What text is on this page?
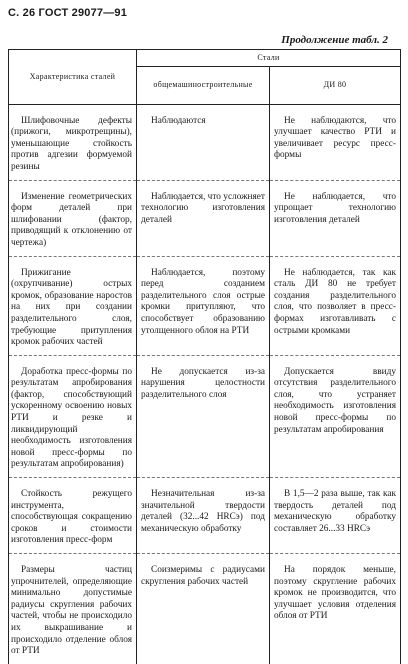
С. 26 ГОСТ 29077—91
Продолжение табл. 2
Характеристика сталей	Стали	
	общемашиностроительные	ДИ 80

Шлифовочные дефекты (прижоги, микротрещины), уменьшающие стойкость против адгезии формуемой резины	Наблюдаются	Не наблюдаются, что улучшает качество РТИ и увеличивает ресурс пресс-формы

Изменение геометрических форм деталей при шлифовании (фактор, приводящий к отклонению от чертежа)	Наблюдается, что усложняет технологию изготовления деталей	Не наблюдается, что упрощает технологию изготовления деталей

Прижигание (охрупчивание) острых кромок, образование наростов на них при создании разделительного слоя, требующие притупления кромок рабочих частей	Наблюдается, поэтому перед созданием разделительного слоя острые кромки притупляют, что способствует образованию утолщенного облоя на РТИ	Не наблюдается, так как сталь ДИ 80 не требует создания разделительного слоя, что позволяет в пресс-формах изготавливать с острыми кромками

Доработка пресс-формы по результатам апробирования (фактор, способствующий ускоренному освоению новых РТИ и резке и ликвидирующий необходимость изготовления новой пресс-формы по результатам апробирования)	Не допускается из-за нарушения целостности разделительного слоя	Допускается ввиду отсутствия разделительного слоя, что устраняет необходимость изготовления новой пресс-формы по результатам апробирования

Стойкость режущего инструмента, способствующая сокращению сроков и стоимости изготовления пресс-форм	Незначительная из-за значительной твердости деталей (32...42 HRCэ) под механическую обработку	В 1,5—2 раза выше, так как твердость деталей под механическую обработку составляет 26...33 HRCэ

Размеры частиц упрочнителей, определяющие минимально допустимые радиусы скругления рабочих частей, чтобы не происходило их выкрашивание и происходило отделение облоя от РТИ	Соизмеримы с радиусами скругления рабочих частей	На порядок меньше, поэтому скругление рабочих кромок не производится, что улучшает условия отделения облоя от РТИ
